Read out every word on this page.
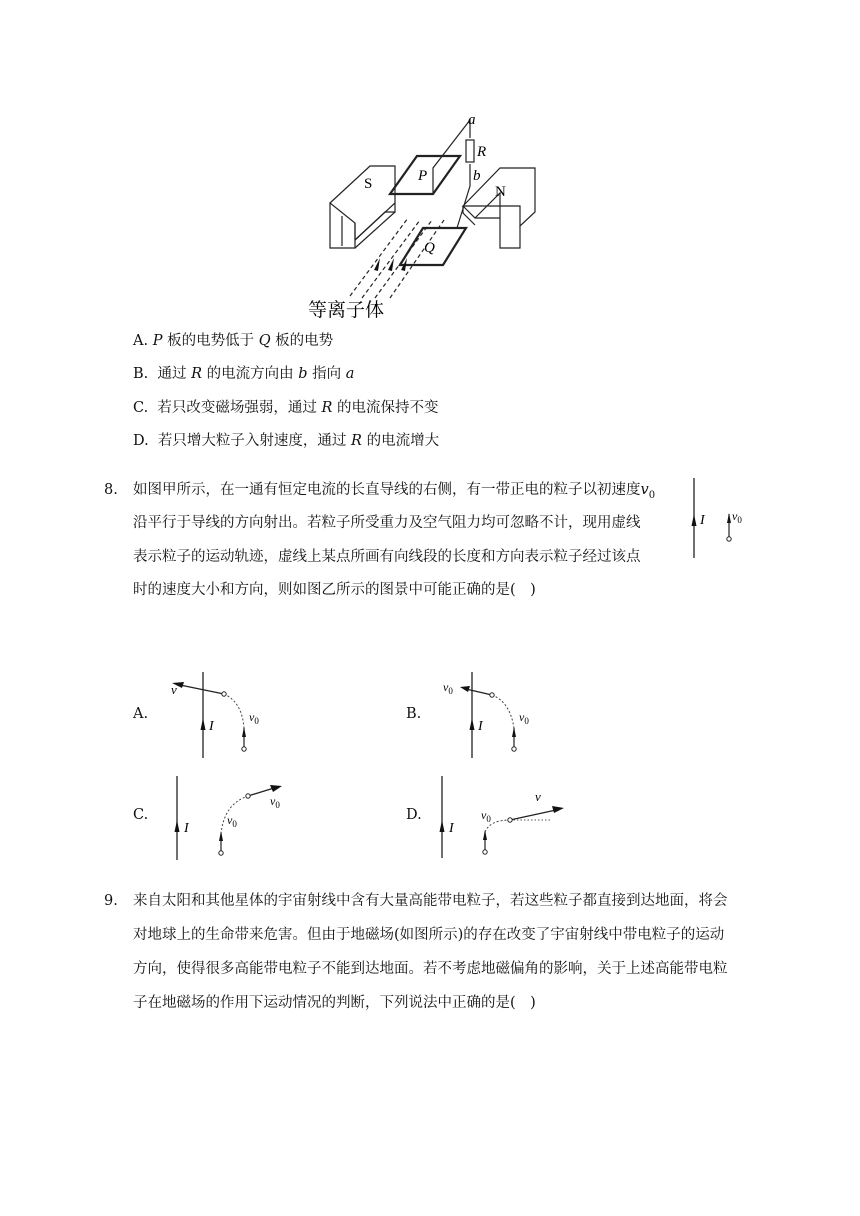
a
R
b
S	N
P
Q
等离子体
A. P 板的电势低于 Q 板的电势
B.  通过 R 的电流方向由 b 指向 a
C.  若只改变磁场强弱，通过 R 的电流保持不变
D.  若只增大粒子入射速度，通过 R 的电流增大
8. 如图甲所示，在一通有恒定电流的长直导线的右侧，有一带正电的粒子以初速度$v_0$
沿平行于导线的方向射出。若粒子所受重力及空气阻力均可忽略不计，现用虚线
表示粒子的运动轨迹，虚线上某点所画有向线段的长度和方向表示粒子经过该点
时的速度大小和方向，则如图乙所示的图景中可能正确的是(　)
I $v_0$
A.
I
v
$v_0$	B.
I
$v_0$
$v_0$
C.
I
$v_0$
$v_0$
D.
I
$v_0$
v
9. 来自太阳和其他星体的宇宙射线中含有大量高能带电粒子，若这些粒子都直接到达地面，将会
对地球上的生命带来危害。但由于地磁场(如图所示)的存在改变了宇宙射线中带电粒子的运动
方向，使得很多高能带电粒子不能到达地面。若不考虑地磁偏角的影响，关于上述高能带电粒
子在地磁场的作用下运动情况的判断，下列说法中正确的是(　)
